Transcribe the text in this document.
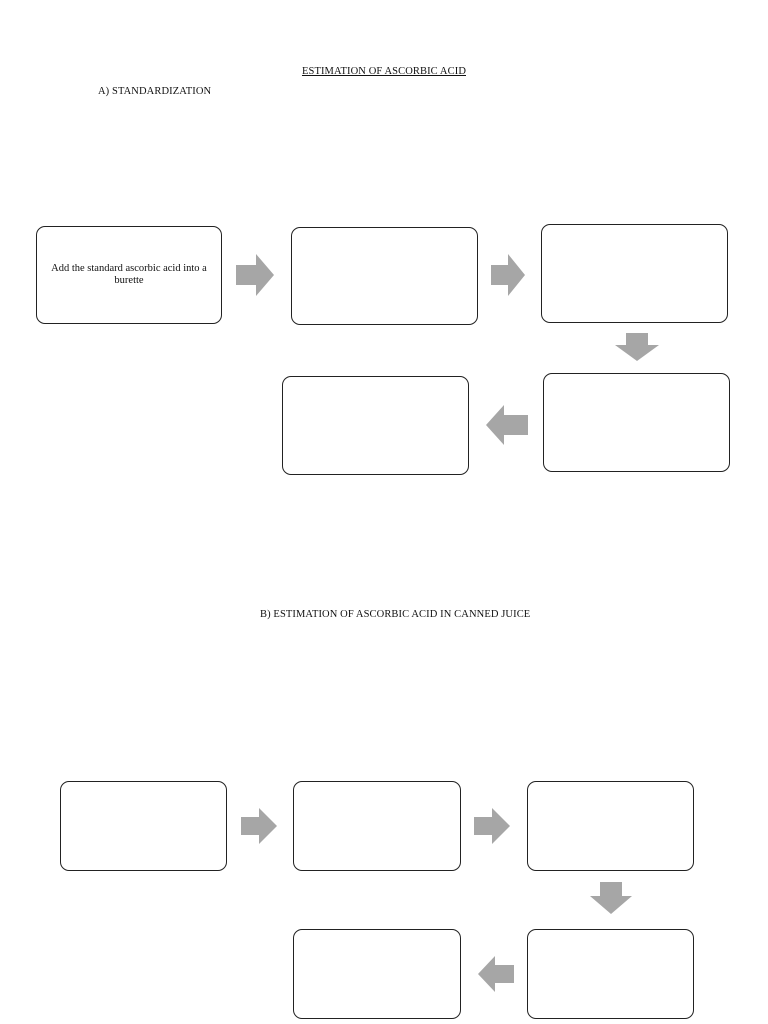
ESTIMATION OF ASCORBIC ACID
A) STANDARDIZATION
Add the standard ascorbic acid into a burette
B) ESTIMATION OF ASCORBIC ACID IN CANNED JUICE
